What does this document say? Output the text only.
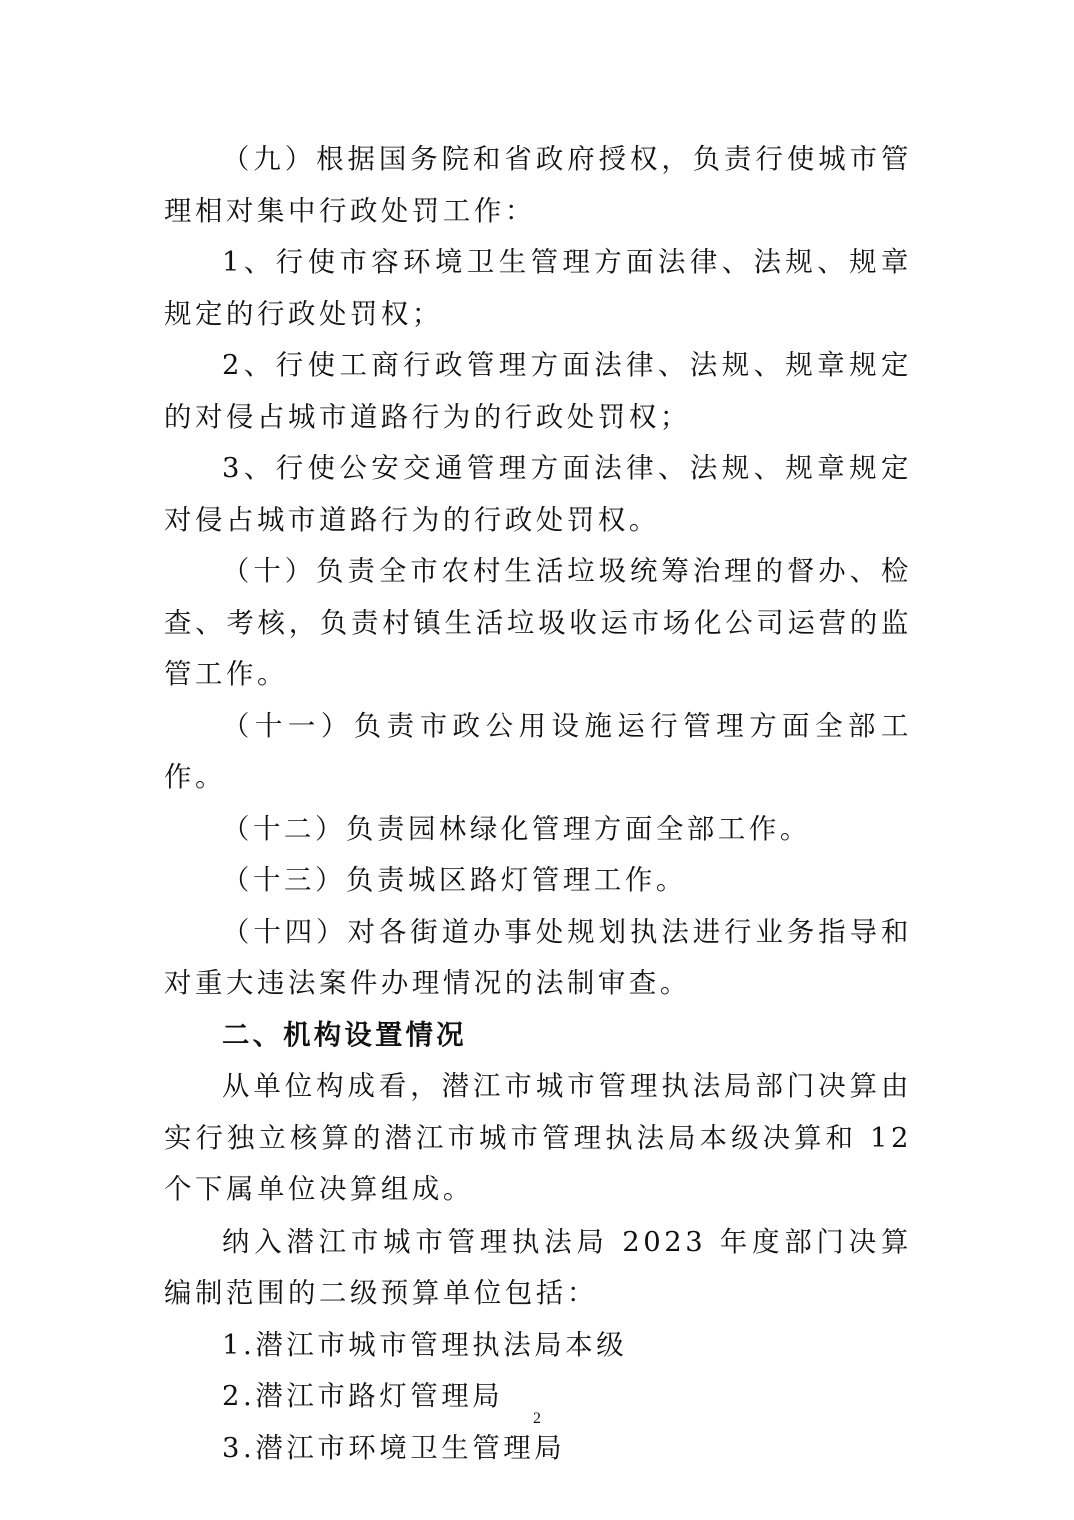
（九）根据国务院和省政府授权，负责行使城市管理相对集中行政处罚工作：

1、行使市容环境卫生管理方面法律、法规、规章规定的行政处罚权；

2、行使工商行政管理方面法律、法规、规章规定的对侵占城市道路行为的行政处罚权；

3、行使公安交通管理方面法律、法规、规章规定对侵占城市道路行为的行政处罚权。

（十）负责全市农村生活垃圾统筹治理的督办、检查、考核，负责村镇生活垃圾收运市场化公司运营的监管工作。

（十一）负责市政公用设施运行管理方面全部工作。

（十二）负责园林绿化管理方面全部工作。

（十三）负责城区路灯管理工作。

（十四）对各街道办事处规划执法进行业务指导和对重大违法案件办理情况的法制审查。

二、机构设置情况

从单位构成看，潜江市城市管理执法局部门决算由实行独立核算的潜江市城市管理执法局本级决算和 12 个下属单位决算组成。

纳入潜江市城市管理执法局 2023 年度部门决算编制范围的二级预算单位包括：

1.潜江市城市管理执法局本级

2.潜江市路灯管理局

3.潜江市环境卫生管理局

2
